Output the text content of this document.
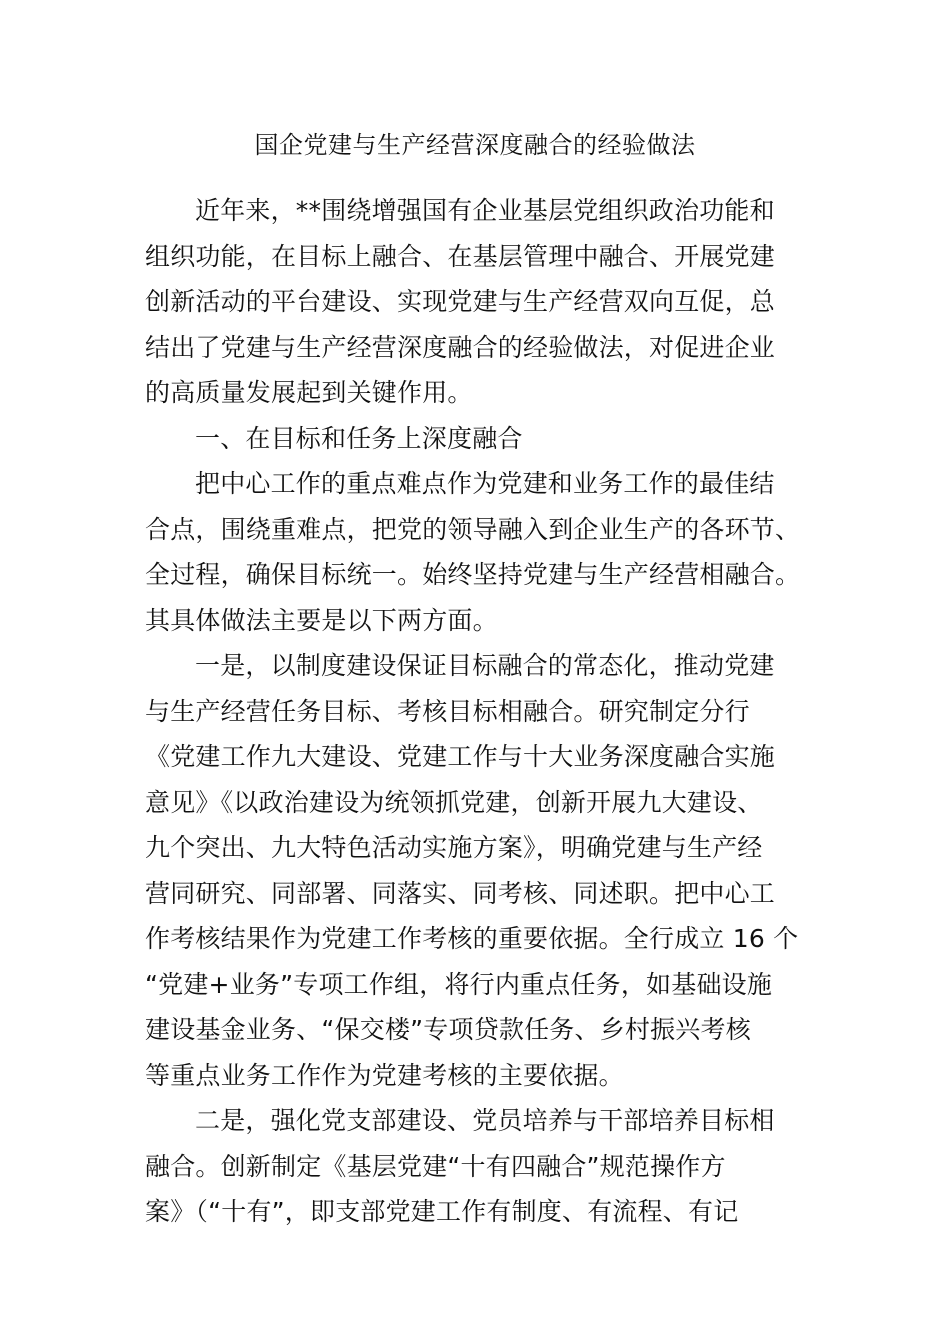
国企党建与生产经营深度融合的经验做法
近年来，**围绕增强国有企业基层党组织政治功能和
组织功能，在目标上融合、在基层管理中融合、开展党建
创新活动的平台建设、实现党建与生产经营双向互促，总
结出了党建与生产经营深度融合的经验做法，对促进企业
的高质量发展起到关键作用。
一、在目标和任务上深度融合
把中心工作的重点难点作为党建和业务工作的最佳结
合点，围绕重难点，把党的领导融入到企业生产的各环节、
全过程，确保目标统一。始终坚持党建与生产经营相融合。
其具体做法主要是以下两方面。
一是，以制度建设保证目标融合的常态化，推动党建
与生产经营任务目标、考核目标相融合。研究制定分行
《党建工作九大建设、党建工作与十大业务深度融合实施
意见》《以政治建设为统领抓党建，创新开展九大建设、
九个突出、九大特色活动实施方案》，明确党建与生产经
营同研究、同部署、同落实、同考核、同述职。把中心工
作考核结果作为党建工作考核的重要依据。全行成立 16 个
“党建+业务”专项工作组，将行内重点任务，如基础设施
建设基金业务、“保交楼”专项贷款任务、乡村振兴考核
等重点业务工作作为党建考核的主要依据。
二是，强化党支部建设、党员培养与干部培养目标相
融合。创新制定《基层党建“十有四融合”规范操作方
案》（“十有”，即支部党建工作有制度、有流程、有记
